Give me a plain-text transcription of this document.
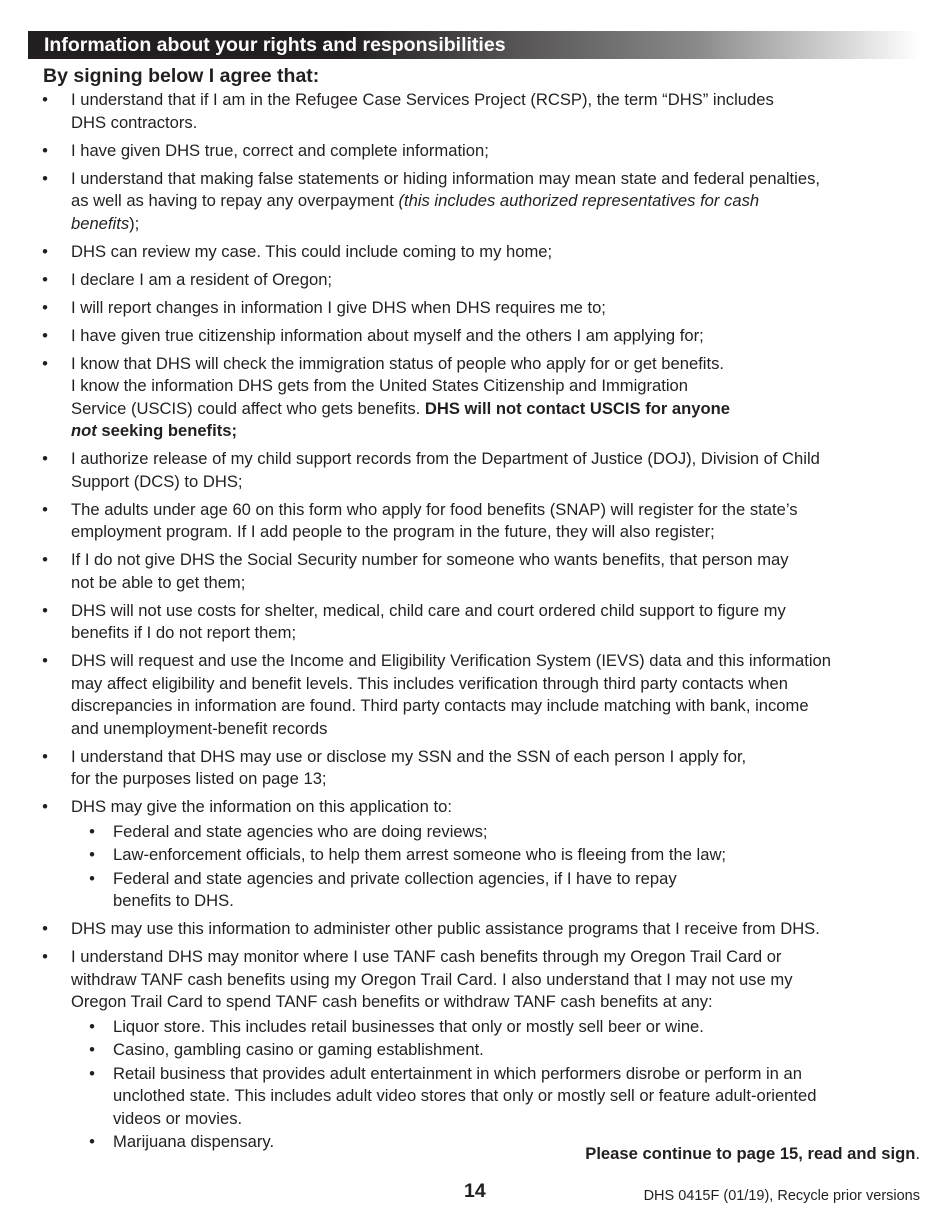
Information about your rights and responsibilities
By signing below I agree that:
• I understand that if I am in the Refugee Case Services Project (RCSP), the term “DHS” includes
DHS contractors.
• I have given DHS true, correct and complete information;
• I understand that making false statements or hiding information may mean state and federal penalties,
as well as having to repay any overpayment (this includes authorized representatives for cash
benefits);
• DHS can review my case. This could include coming to my home;
• I declare I am a resident of Oregon;
• I will report changes in information I give DHS when DHS requires me to;
• I have given true citizenship information about myself and the others I am applying for;
• I know that DHS will check the immigration status of people who apply for or get benefits.
I know the information DHS gets from the United States Citizenship and Immigration
Service (USCIS) could affect who gets benefits. DHS will not contact USCIS for anyone
not seeking benefits;
• I authorize release of my child support records from the Department of Justice (DOJ), Division of Child
Support (DCS) to DHS;
• The adults under age 60 on this form who apply for food benefits (SNAP) will register for the state’s
employment program. If I add people to the program in the future, they will also register;
• If I do not give DHS the Social Security number for someone who wants benefits, that person may
not be able to get them;
• DHS will not use costs for shelter, medical, child care and court ordered child support to figure my
benefits if I do not report them;
• DHS will request and use the Income and Eligibility Verification System (IEVS) data and this information
may affect eligibility and benefit levels. This includes verification through third party contacts when
discrepancies in information are found. Third party contacts may include matching with bank, income
and unemployment-benefit records
• I understand that DHS may use or disclose my SSN and the SSN of each person I apply for,
for the purposes listed on page 13;
• DHS may give the information on this application to:
• Federal and state agencies who are doing reviews;
• Law-enforcement officials, to help them arrest someone who is fleeing from the law;
• Federal and state agencies and private collection agencies, if I have to repay
benefits to DHS.
• DHS may use this information to administer other public assistance programs that I receive from DHS.
• I understand DHS may monitor where I use TANF cash benefits through my Oregon Trail Card or
withdraw TANF cash benefits using my Oregon Trail Card. I also understand that I may not use my
Oregon Trail Card to spend TANF cash benefits or withdraw TANF cash benefits at any:
• Liquor store. This includes retail businesses that only or mostly sell beer or wine.
• Casino, gambling casino or gaming establishment.
• Retail business that provides adult entertainment in which performers disrobe or perform in an
unclothed state. This includes adult video stores that only or mostly sell or feature adult-oriented
videos or movies.
• Marijuana dispensary.
Please continue to page 15, read and sign.
14	DHS 0415F (01/19), Recycle prior versions
